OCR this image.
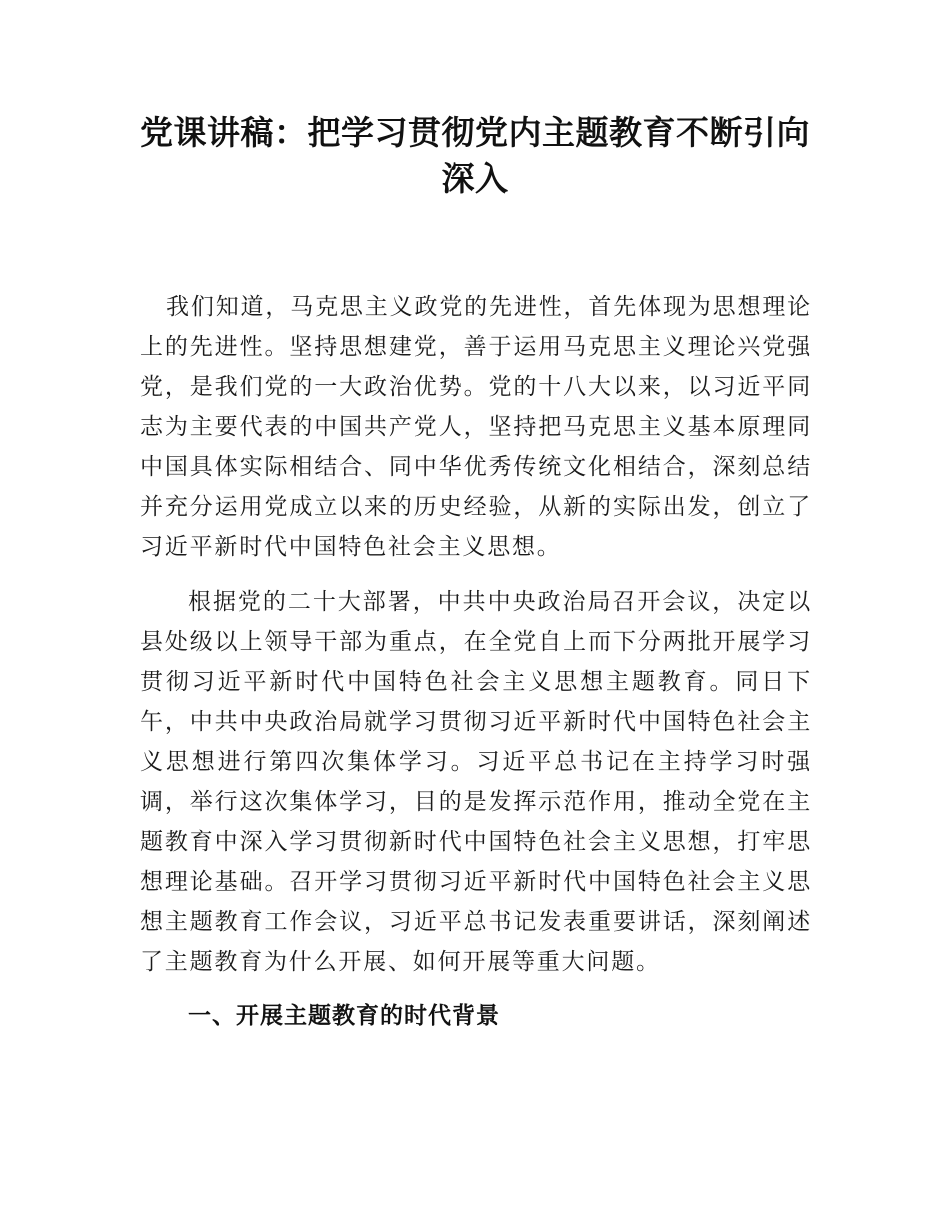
党课讲稿：把学习贯彻党内主题教育不断引向深入

我们知道，马克思主义政党的先进性，首先体现为思想理论上的先进性。坚持思想建党，善于运用马克思主义理论兴党强党，是我们党的一大政治优势。党的十八大以来，以习近平同志为主要代表的中国共产党人，坚持把马克思主义基本原理同中国具体实际相结合、同中华优秀传统文化相结合，深刻总结并充分运用党成立以来的历史经验，从新的实际出发，创立了习近平新时代中国特色社会主义思想。

根据党的二十大部署，中共中央政治局召开会议，决定以县处级以上领导干部为重点，在全党自上而下分两批开展学习贯彻习近平新时代中国特色社会主义思想主题教育。同日下午，中共中央政治局就学习贯彻习近平新时代中国特色社会主义思想进行第四次集体学习。习近平总书记在主持学习时强调，举行这次集体学习，目的是发挥示范作用，推动全党在主题教育中深入学习贯彻新时代中国特色社会主义思想，打牢思想理论基础。召开学习贯彻习近平新时代中国特色社会主义思想主题教育工作会议，习近平总书记发表重要讲话，深刻阐述了主题教育为什么开展、如何开展等重大问题。

一、开展主题教育的时代背景
